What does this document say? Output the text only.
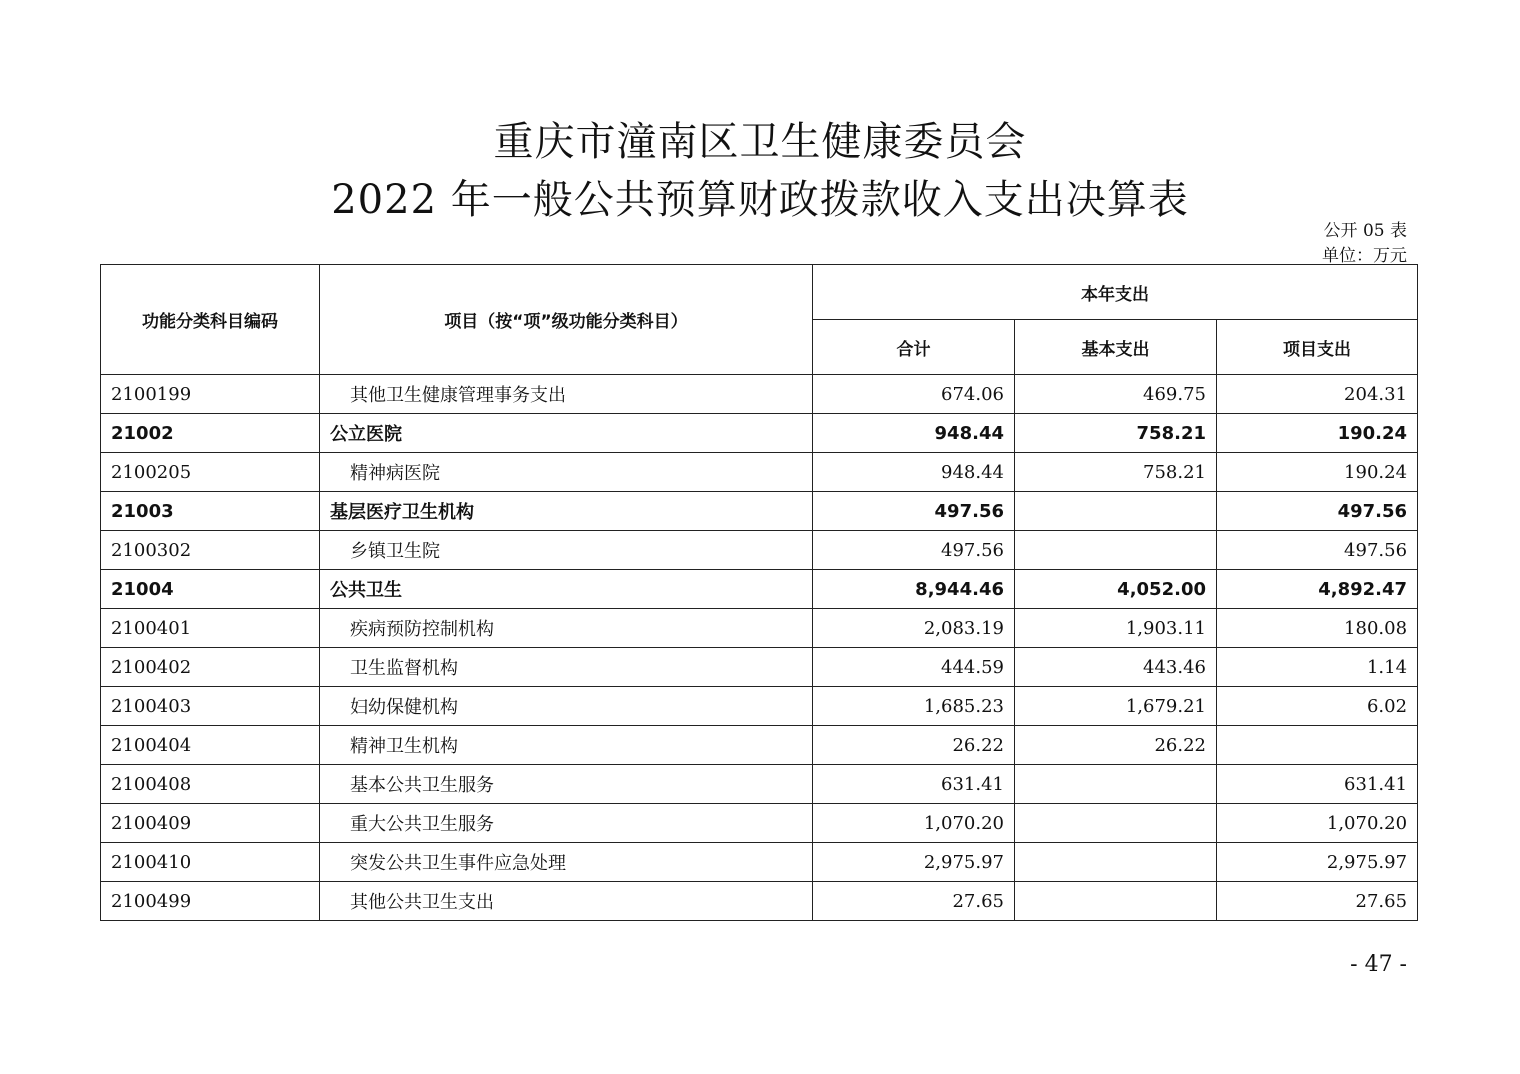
重庆市潼南区卫生健康委员会
2022 年一般公共预算财政拨款收入支出决算表
公开 05 表
单位：万元
功能分类科目编码	项目（按“项”级功能分类科目）	本年支出		
		合计	基本支出	项目支出
2100199	其他卫生健康管理事务支出	674.06	469.75	204.31
21002	公立医院	948.44	758.21	190.24
2100205	精神病医院	948.44	758.21	190.24
21003	基层医疗卫生机构	497.56		497.56
2100302	乡镇卫生院	497.56		497.56
21004	公共卫生	8,944.46	4,052.00	4,892.47
2100401	疾病预防控制机构	2,083.19	1,903.11	180.08
2100402	卫生监督机构	444.59	443.46	1.14
2100403	妇幼保健机构	1,685.23	1,679.21	6.02
2100404	精神卫生机构	26.22	26.22	
2100408	基本公共卫生服务	631.41		631.41
2100409	重大公共卫生服务	1,070.20		1,070.20
2100410	突发公共卫生事件应急处理	2,975.97		2,975.97
2100499	其他公共卫生支出	27.65		27.65
- 47 -
